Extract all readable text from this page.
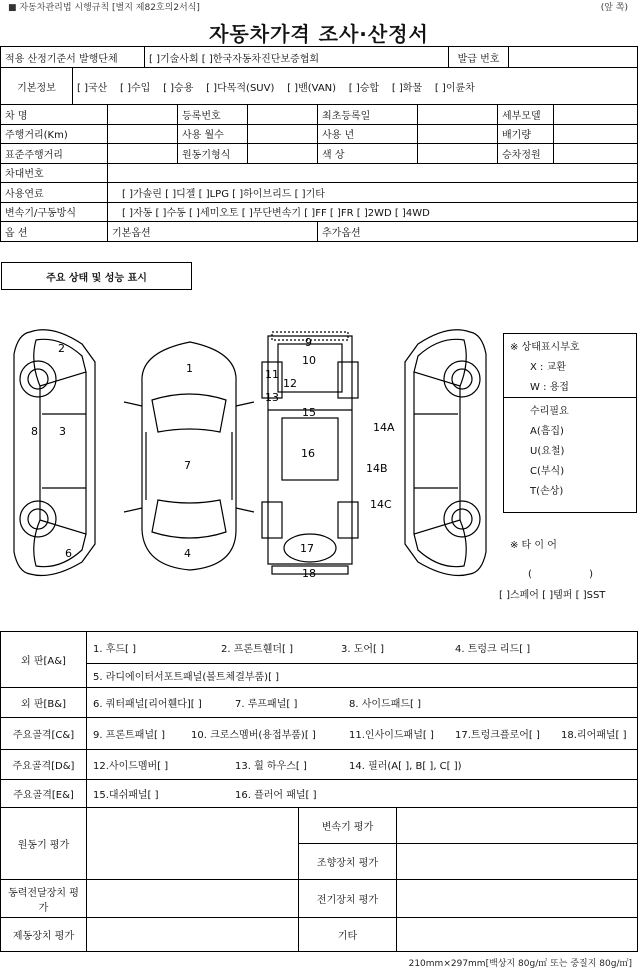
■ 자동차관리법 시행규칙 [별지 제82호의2서식]	(앞 쪽)
자동차가격 조사·산정서
적용 산정기준서 발행단체	[ ]기술사회 [ ]한국자동차진단보증협회	발급 번호	
기본정보	[ ]국산 [ ]수입 [ ]승용 [ ]다목적(SUV) [ ]밴(VAN) [ ]승합 [ ]화물 [ ]이륜차
차 명		등록번호		최초등록일		세부모델	
주행거리(Km)		사용 월수		사용 년		배기량	
표준주행거리		원동기형식		색 상		승차정원	
차대번호							
사용연료	[ ]가솔린 [ ]디젤 [ ]LPG [ ]하이브리드 [ ]기타						
변속기/구동방식	[ ]자동 [ ]수동 [ ]세미오토 [ ]무단변속기 [ ]FF [ ]FR [ ]2WD [ ]4WD						
옵 션	기본옵션			추가옵션			
주요 상태 및 성능 표시
2
1
9
10
11
12
13
15
8 3
7
16
14A
14B
14C
6	4	17
18
※ 상태표시부호
X : 교환
W : 용접
수리필요
A(흠집)
U(요철)
C(부식)
T(손상)
※ 타 이 어
(                  )
[ ]스페어 [ ]템퍼 [ ]SST
외 판[A&]	1. 후드[ ] 2. 프론트휀더[ ] 3. 도어[ ] 4. 트렁크 리드[ ]		

	5. 라디에이터서포트패널(볼트체결부품)[ ]		
외 판[B&]	6. 쿼터패널[리어휀다][ ] 7. 루프패널[ ] 8. 사이드패드[ ]		

주요골격[C&]	9. 프론트패널[ ] 10. 크로스멤버(용접부품)[ ] 11.인사이드패널[ ] 17.트렁크플로어[ ] 18.리어패널[ ]		

주요골격[D&]	12.사이드멤버[ ] 13. 휠 하우스[ ] 14. 필러(A[ ], B[ ], C[ ])		

주요골격[E&]	15.대쉬패널[ ] 16. 플러어 패널[ ]		

원동기 평가		변속기 평가	
		조향장치 평가	
동력전달장치 평가		전기장치 평가	
제동장치 평가		기타	
210mm×297mm[백상지 80g/㎡ 또는 중질지 80g/㎡]
